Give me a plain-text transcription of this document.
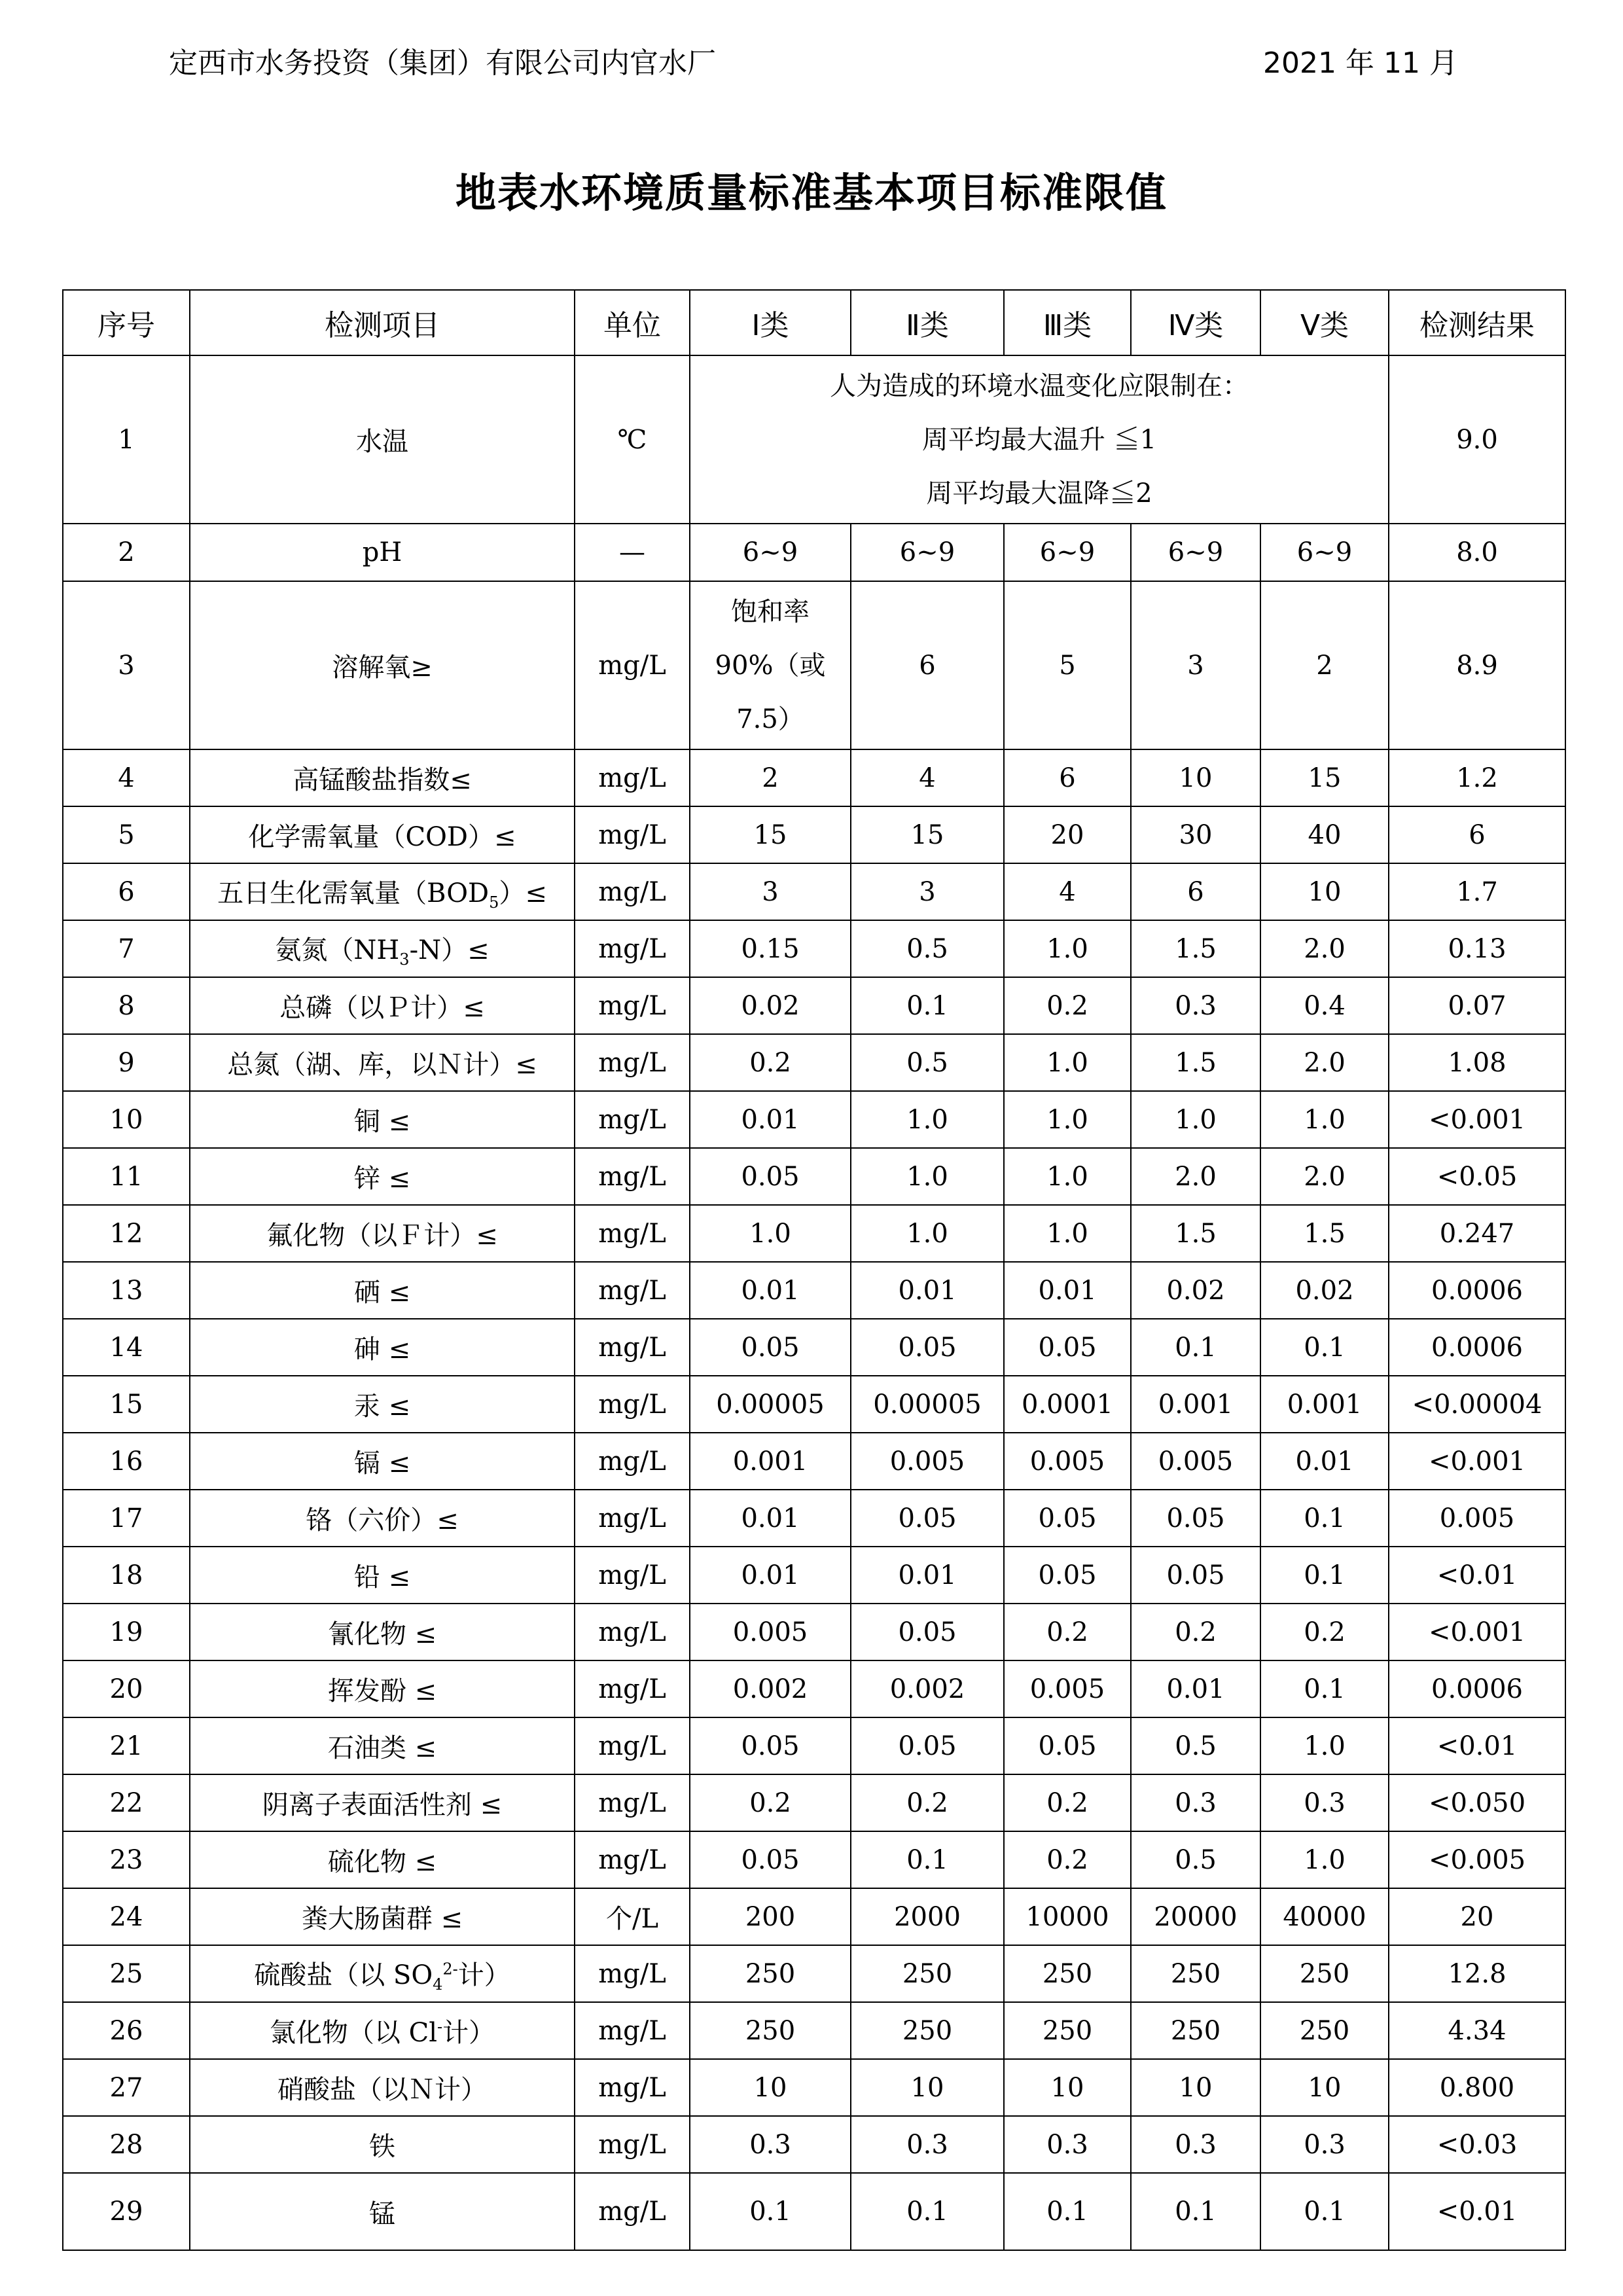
定西市水务投资（集团）有限公司内官水厂	2021 年 11 月
地表水环境质量标准基本项目标准限值
序号	检测项目	单位	Ⅰ类	Ⅱ类	Ⅲ类	Ⅳ类	Ⅴ类	检测结果
1	水温	℃	人为造成的环境水温变化应限制在：
周平均最大温升 ≦1
周平均最大温降≦2					9.0
2	pH	—	6~9	6~9	6~9	6~9	6~9	8.0
3	溶解氧≥	mg/L	饱和率
90%（或
7.5）	6	5	3	2	8.9
4	高锰酸盐指数≤	mg/L	2	4	6	10	15	1.2
5	化学需氧量（COD）≤	mg/L	15	15	20	30	40	6
6	五日生化需氧量$(BOD_5)\le$	mg/L	3	3	4	6	10	1.7
7	氨氮$(NH_3-N)\le$	mg/L	0.15	0.5	1.0	1.5	2.0	0.13
8	总磷（以Ｐ计）≤	mg/L	0.02	0.1	0.2	0.3	0.4	0.07
9	总氮（湖、库，以Ｎ计）≤	mg/L	0.2	0.5	1.0	1.5	2.0	1.08
10	铜 ≤	mg/L	0.01	1.0	1.0	1.0	1.0	<0.001
11	锌 ≤	mg/L	0.05	1.0	1.0	2.0	2.0	<0.05
12	氟化物（以Ｆ计）≤	mg/L	1.0	1.0	1.0	1.5	1.5	0.247
13	硒 ≤	mg/L	0.01	0.01	0.01	0.02	0.02	0.0006
14	砷 ≤	mg/L	0.05	0.05	0.05	0.1	0.1	0.0006
15	汞 ≤	mg/L	0.00005	0.00005	0.0001	0.001	0.001	<0.00004
16	镉 ≤	mg/L	0.001	0.005	0.005	0.005	0.01	<0.001
17	铬（六价）≤	mg/L	0.01	0.05	0.05	0.05	0.1	0.005
18	铅 ≤	mg/L	0.01	0.01	0.05	0.05	0.1	<0.01
19	氰化物 ≤	mg/L	0.005	0.05	0.2	0.2	0.2	<0.001
20	挥发酚 ≤	mg/L	0.002	0.002	0.005	0.01	0.1	0.0006
21	石油类 ≤	mg/L	0.05	0.05	0.05	0.5	1.0	<0.01
22	阴离子表面活性剂 ≤	mg/L	0.2	0.2	0.2	0.3	0.3	<0.050
23	硫化物 ≤	mg/L	0.05	0.1	0.2	0.5	1.0	<0.005
24	粪大肠菌群 ≤	个/L	200	2000	10000	20000	40000	20
25	硫酸盐（以 $SO_4^{2-}$计）	mg/L	250	250	250	250	250	12.8
26	氯化物（以 Cl-计）	mg/L	250	250	250	250	250	4.34
27	硝酸盐（以Ｎ计）	mg/L	10	10	10	10	10	0.800
28	铁	mg/L	0.3	0.3	0.3	0.3	0.3	<0.03
29	锰	mg/L	0.1	0.1	0.1	0.1	0.1	<0.01
